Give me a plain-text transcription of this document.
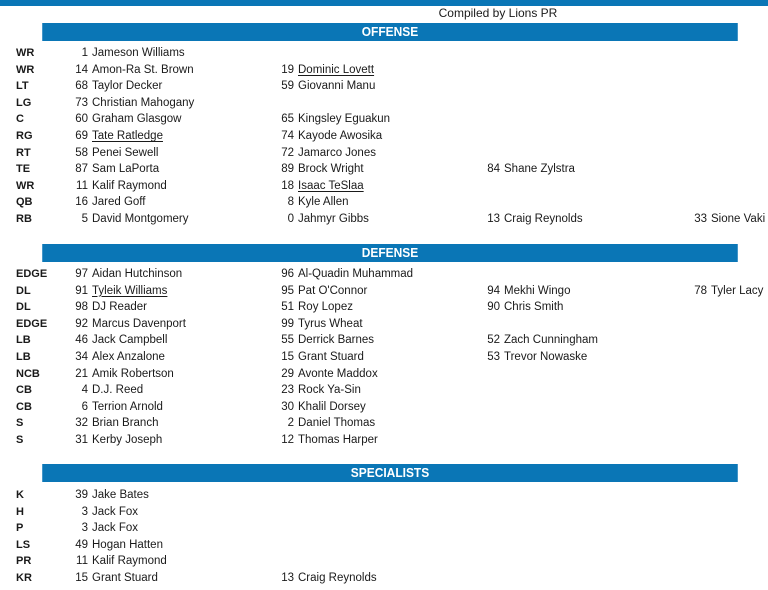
Compiled by Lions PR
OFFENSE
WR	1 Jameson Williams
WR	14 Amon-Ra St. Brown	19 Dominic Lovett
LT	68 Taylor Decker	59 Giovanni Manu
LG	73 Christian Mahogany
C	60 Graham Glasgow	65 Kingsley Eguakun
RG	69 Tate Ratledge	74 Kayode Awosika
RT	58 Penei Sewell	72 Jamarco Jones
TE	87 Sam LaPorta	89 Brock Wright	84 Shane Zylstra
WR	11 Kalif Raymond	18 Isaac TeSlaa
QB	16 Jared Goff	8 Kyle Allen
RB	5 David Montgomery	0 Jahmyr Gibbs	13 Craig Reynolds	33 Sione Vaki
DEFENSE
EDGE	97 Aidan Hutchinson	96 Al-Quadin Muhammad
DL	91 Tyleik Williams	95 Pat O'Connor	94 Mekhi Wingo	78 Tyler Lacy
DL	98 DJ Reader	51 Roy Lopez	90 Chris Smith
EDGE	92 Marcus Davenport	99 Tyrus Wheat
LB	46 Jack Campbell	55 Derrick Barnes	52 Zach Cunningham
LB	34 Alex Anzalone	15 Grant Stuard	53 Trevor Nowaske
NCB	21 Amik Robertson	29 Avonte Maddox
CB	4 D.J. Reed	23 Rock Ya-Sin
CB	6 Terrion Arnold	30 Khalil Dorsey
S	32 Brian Branch	2 Daniel Thomas
S	31 Kerby Joseph	12 Thomas Harper
SPECIALISTS
K	39 Jake Bates
H	3 Jack Fox
P	3 Jack Fox
LS	49 Hogan Hatten
PR	11 Kalif Raymond
KR	15 Grant Stuard	13 Craig Reynolds
